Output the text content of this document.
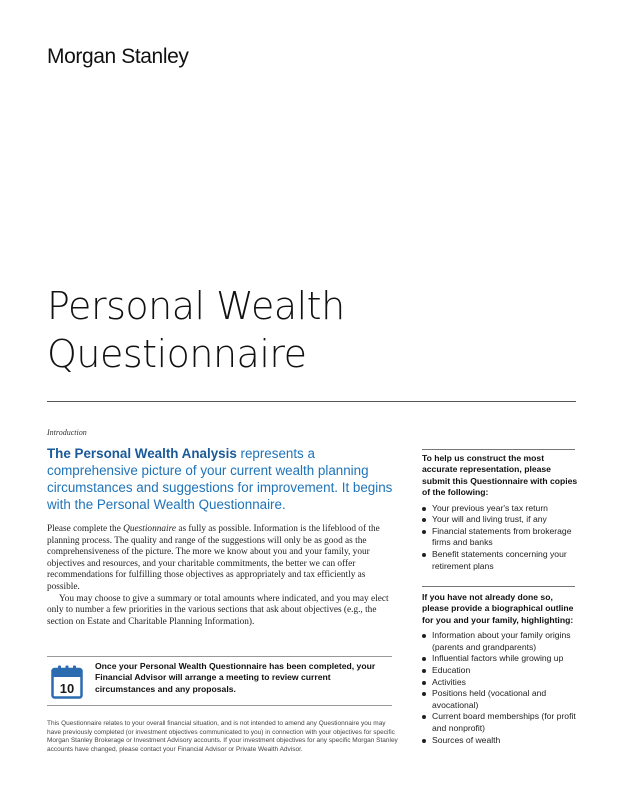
Morgan Stanley
Personal Wealth
Questionnaire
Introduction
The Personal Wealth Analysis represents a comprehensive picture of your current wealth planning circumstances and suggestions for improvement. It begins with the Personal Wealth Questionnaire.

Please complete the Questionnaire as fully as possible. Information is the lifeblood of the planning process. The quality and range of the suggestions will only be as good as the comprehensiveness of the picture. The more we know about you and your family, your objectives and resources, and your charitable commitments, the better we can offer recommendations for fulfilling those objectives as appropriately and tax efficiently as possible.

You may choose to give a summary or total amounts where indicated, and you may elect only to number a few priorities in the various sections that ask about objectives (e.g., the section on Estate and Charitable Planning Information).

10
Once your Personal Wealth Questionnaire has been completed, your Financial Advisor will arrange a meeting to review current circumstances and any proposals.
This Questionnaire relates to your overall financial situation, and is not intended to amend any Questionnaire you may have previously completed (or investment objectives communicated to you) in connection with your objectives for specific Morgan Stanley Brokerage or Investment Advisory accounts. If your investment objectives for any specific Morgan Stanley accounts have changed, please contact your Financial Advisor or Private Wealth Advisor.
To help us construct the most accurate representation, please submit this Questionnaire with copies of the following:
Your previous year's tax return
Your will and living trust, if any
Financial statements from brokerage firms and banks
Benefit statements concerning your retirement plans
If you have not already done so, please provide a biographical outline for you and your family, highlighting:
Information about your family origins (parents and grandparents)
Influential factors while growing up
Education
Activities
Positions held (vocational and avocational)
Current board memberships (for profit and nonprofit)
Sources of wealth
